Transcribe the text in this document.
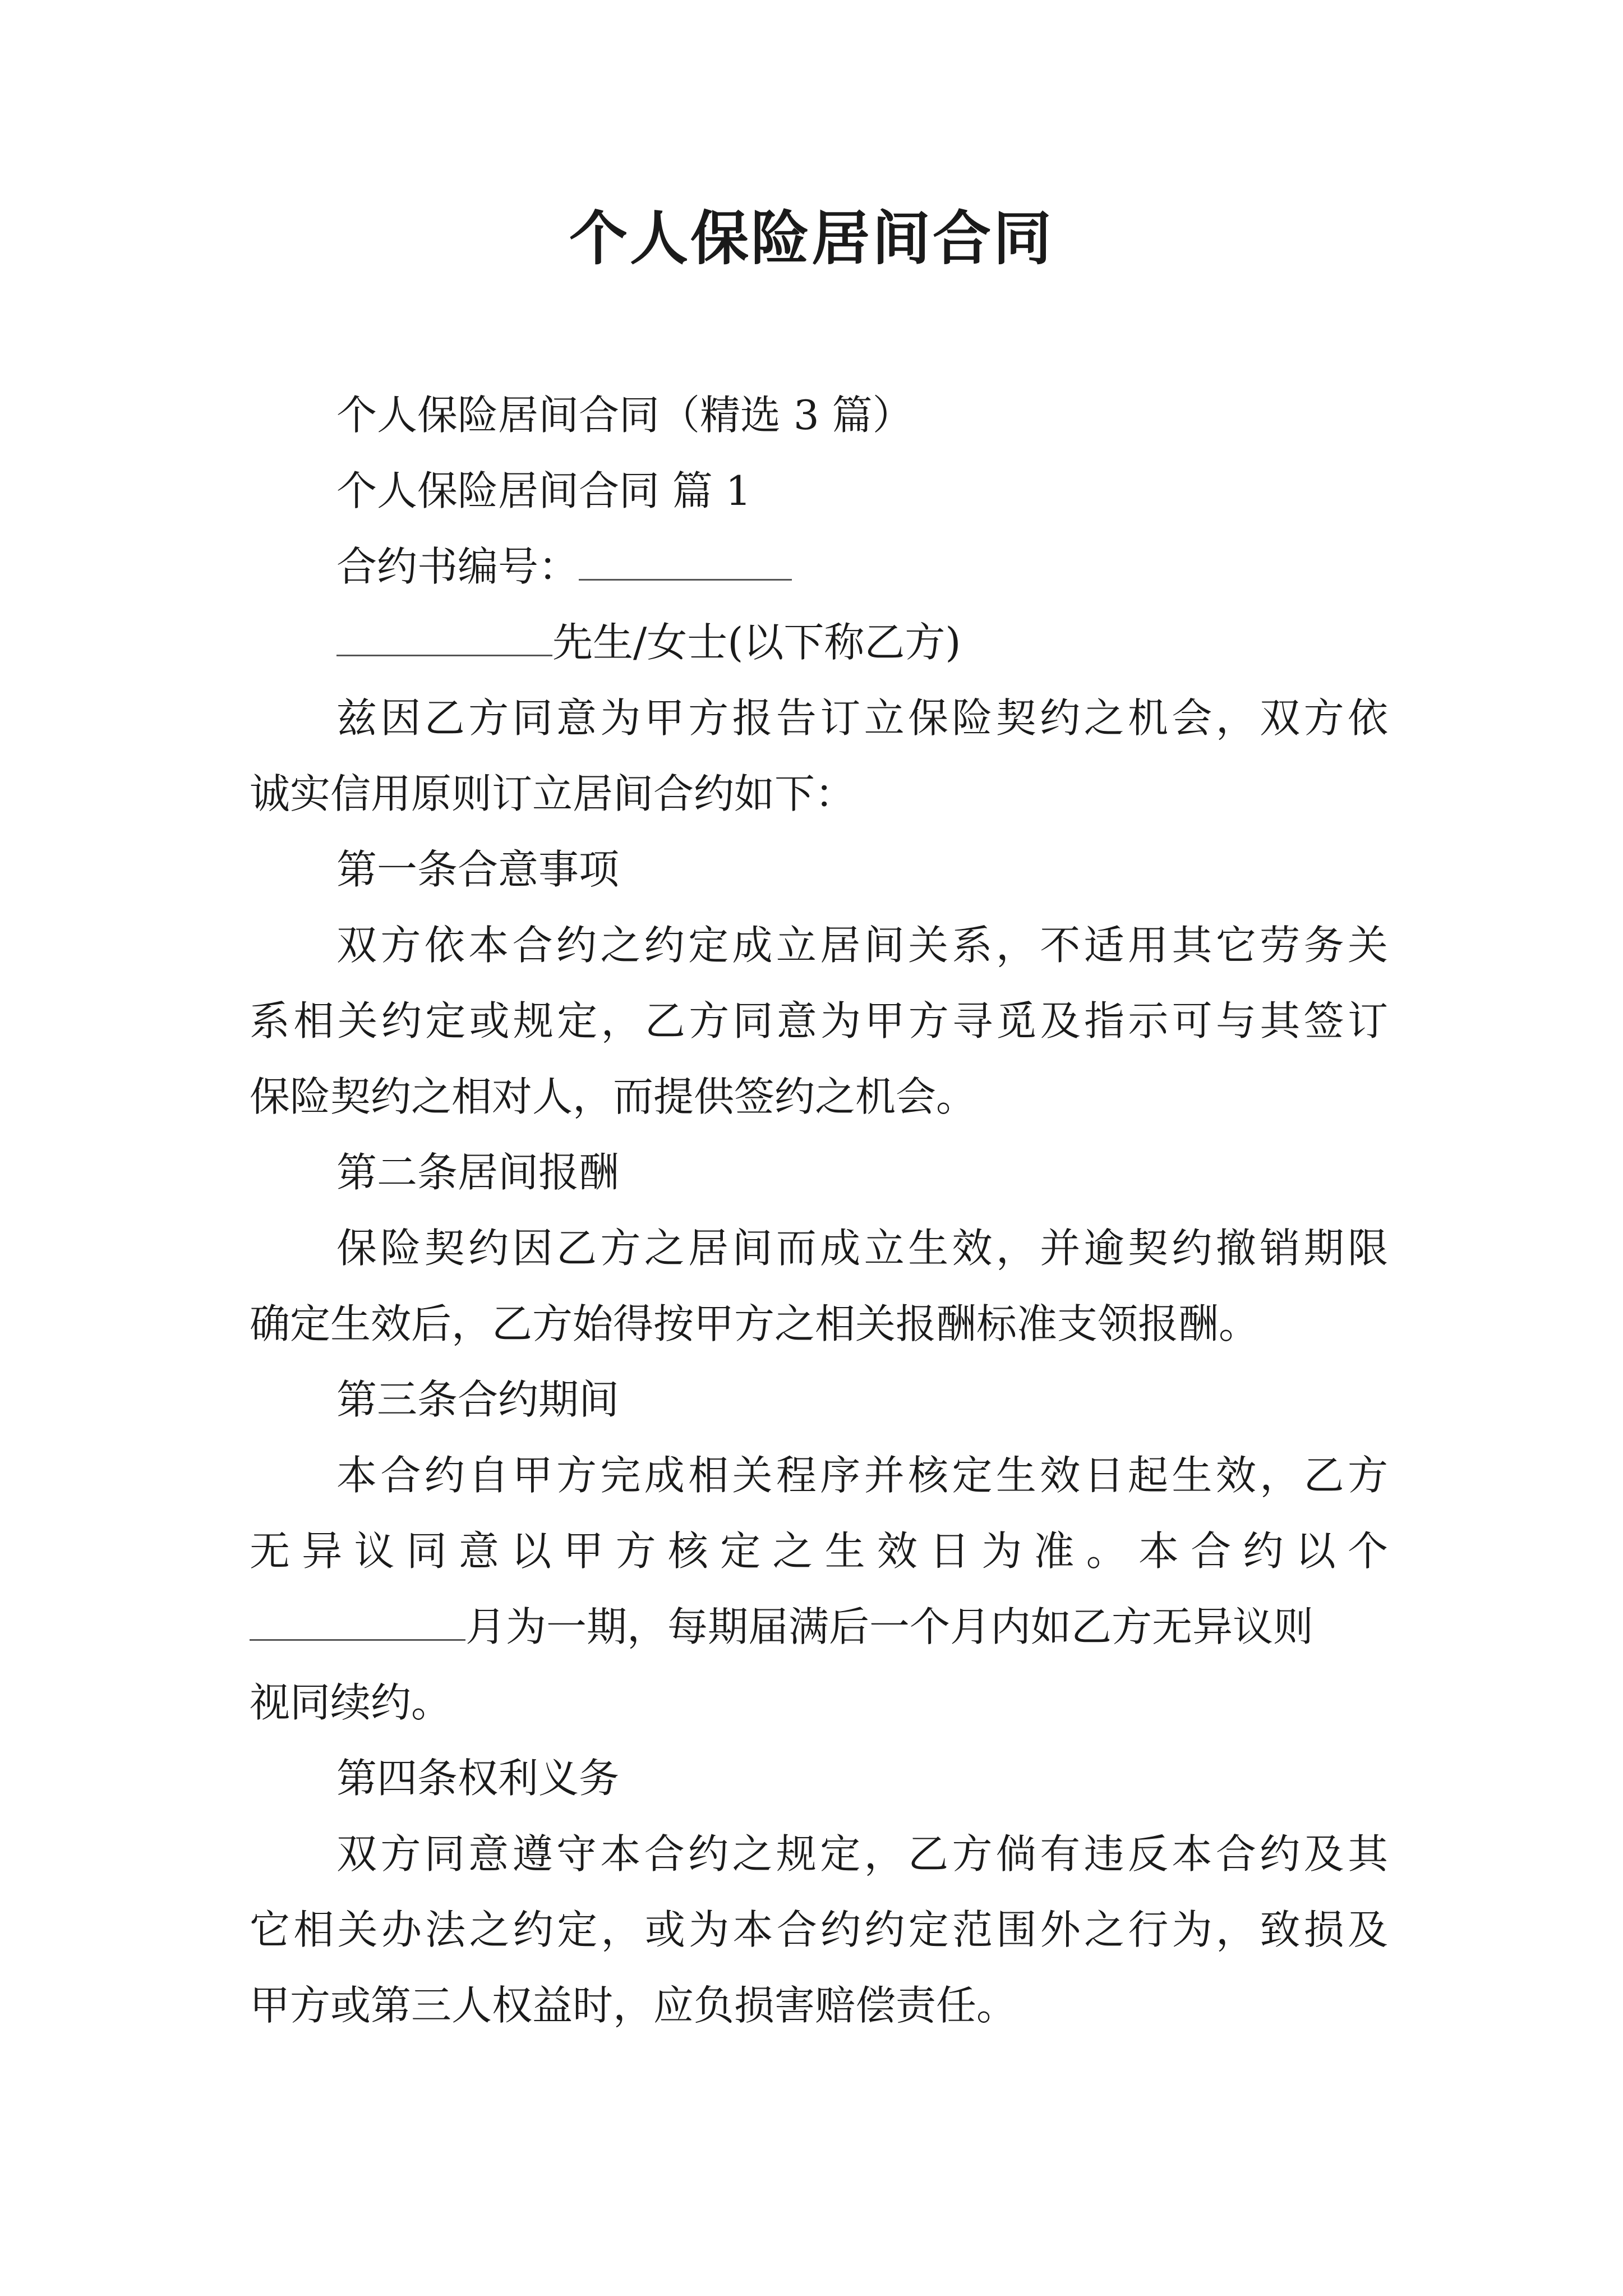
个人保险居间合同
个人保险居间合同（精选 3 篇）
个人保险居间合同 篇 1
合约书编号：
先生/女士(以下称乙方)
兹因乙方同意为甲方报告订立保险契约之机会，双方依
诚实信用原则订立居间合约如下：
第一条合意事项
双方依本合约之约定成立居间关系，不适用其它劳务关
系相关约定或规定，乙方同意为甲方寻觅及指示可与其签订
保险契约之相对人，而提供签约之机会。
第二条居间报酬
保险契约因乙方之居间而成立生效，并逾契约撤销期限
确定生效后，乙方始得按甲方之相关报酬标准支领报酬。
第三条合约期间
本合约自甲方完成相关程序并核定生效日起生效，乙方
无异议同意以甲方核定之生效日为准。本合约以个
月为一期，每期届满后一个月内如乙方无异议则
视同续约。
第四条权利义务
双方同意遵守本合约之规定，乙方倘有违反本合约及其
它相关办法之约定，或为本合约约定范围外之行为，致损及
甲方或第三人权益时，应负损害赔偿责任。
